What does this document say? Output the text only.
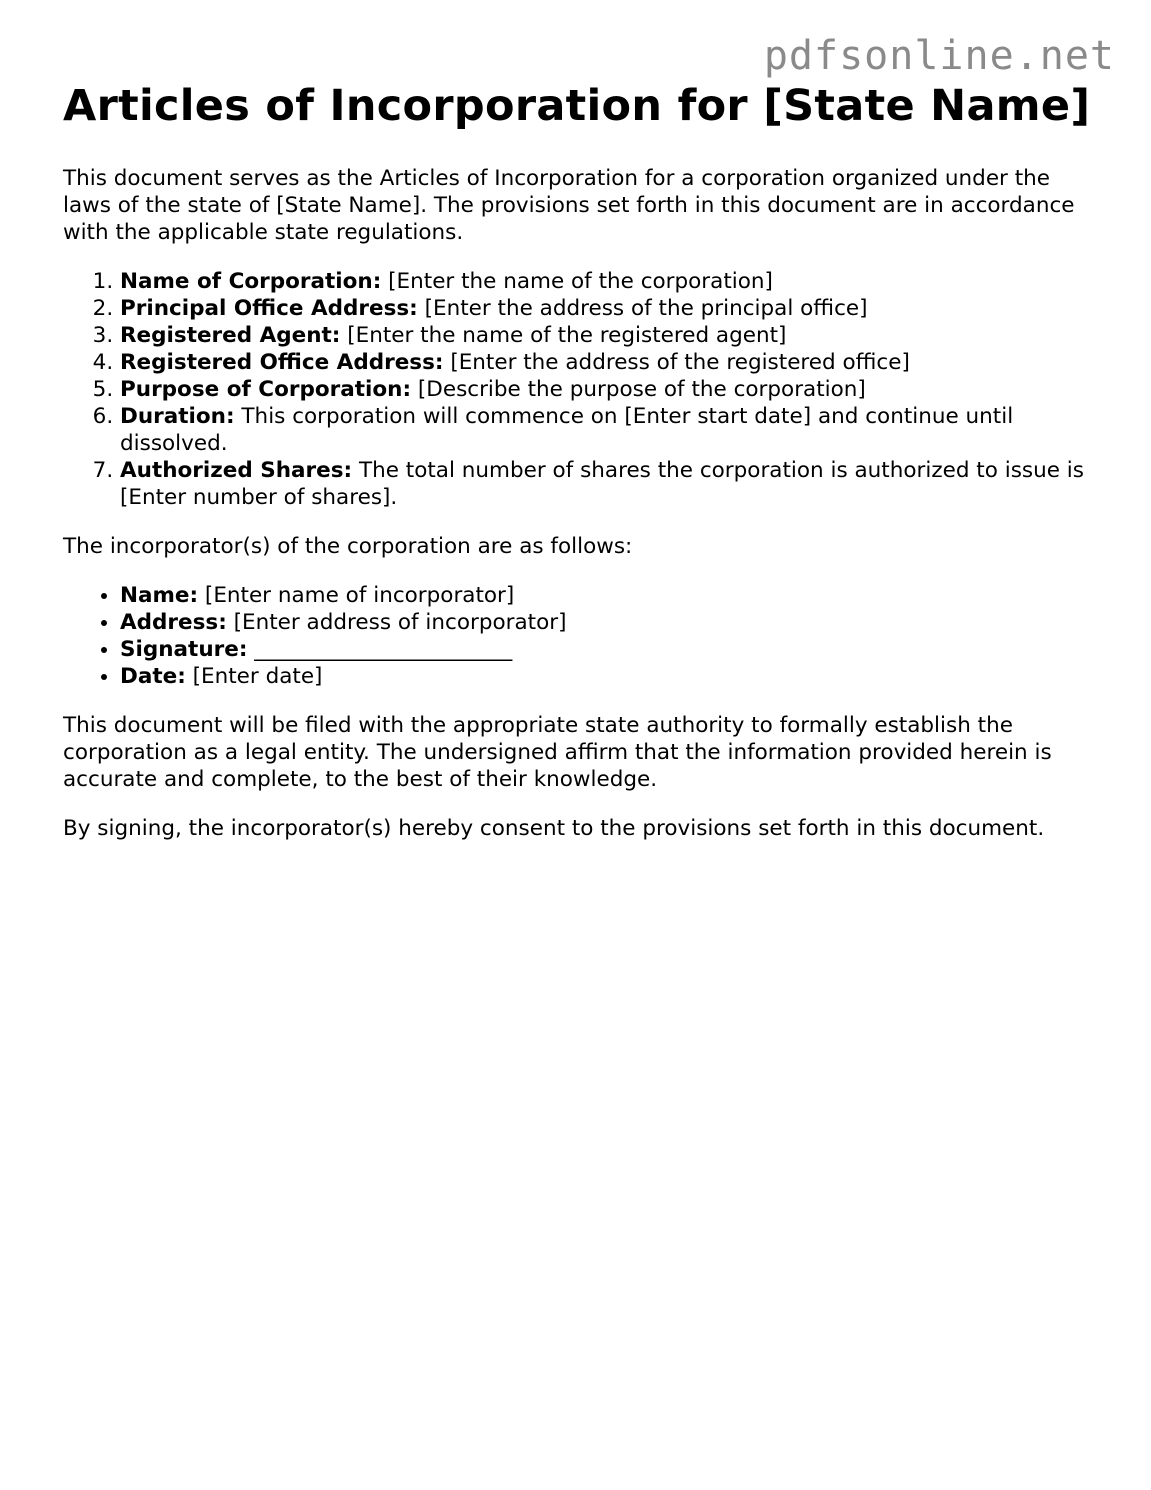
pdfsonline.net
Articles of Incorporation for [State Name]

This document serves as the Articles of Incorporation for a corporation organized under the laws of the state of [State Name]. The provisions set forth in this document are in accordance with the applicable state regulations.

1. Name of Corporation: [Enter the name of the corporation]
2. Principal Office Address: [Enter the address of the principal office]
3. Registered Agent: [Enter the name of the registered agent]
4. Registered Office Address: [Enter the address of the registered office]
5. Purpose of Corporation: [Describe the purpose of the corporation]
6. Duration: This corporation will commence on [Enter start date] and continue until dissolved.
7. Authorized Shares: The total number of shares the corporation is authorized to issue is [Enter number of shares].

The incorporator(s) of the corporation are as follows:

• Name: [Enter name of incorporator]
• Address: [Enter address of incorporator]
• Signature: ________________________
• Date: [Enter date]

This document will be filed with the appropriate state authority to formally establish the corporation as a legal entity. The undersigned affirm that the information provided herein is accurate and complete, to the best of their knowledge.

By signing, the incorporator(s) hereby consent to the provisions set forth in this document.
